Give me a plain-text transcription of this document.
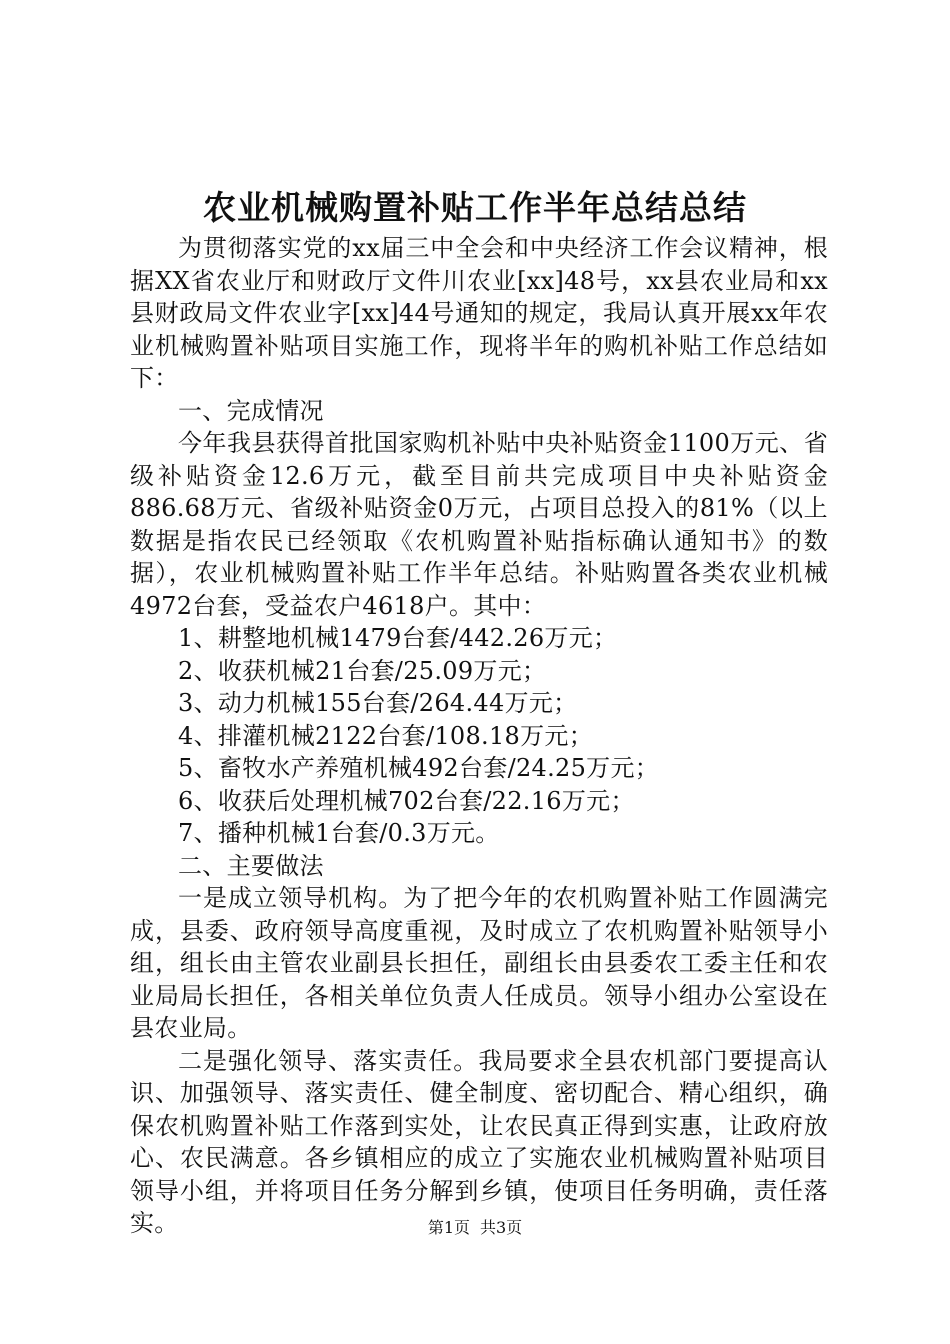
农业机械购置补贴工作半年总结总结

为贯彻落实党的xx届三中全会和中央经济工作会议精神，根据XX省农业厅和财政厅文件川农业[xx]48号，xx县农业局和xx县财政局文件农业字[xx]44号通知的规定，我局认真开展xx年农业机械购置补贴项目实施工作，现将半年的购机补贴工作总结如下：

一、完成情况

今年我县获得首批国家购机补贴中央补贴资金1100万元、省级补贴资金12.6万元，截至目前共完成项目中央补贴资金886.68万元、省级补贴资金0万元，占项目总投入的81%（以上数据是指农民已经领取《农机购置补贴指标确认通知书》的数据），农业机械购置补贴工作半年总结。补贴购置各类农业机械4972台套，受益农户4618户。其中：

1、耕整地机械1479台套/442.26万元；

2、收获机械21台套/25.09万元；

3、动力机械155台套/264.44万元；

4、排灌机械2122台套/108.18万元；

5、畜牧水产养殖机械492台套/24.25万元；

6、收获后处理机械702台套/22.16万元；

7、播种机械1台套/0.3万元。

二、主要做法

一是成立领导机构。为了把今年的农机购置补贴工作圆满完成，县委、政府领导高度重视，及时成立了农机购置补贴领导小组，组长由主管农业副县长担任，副组长由县委农工委主任和农业局局长担任，各相关单位负责人任成员。领导小组办公室设在县农业局。

二是强化领导、落实责任。我局要求全县农机部门要提高认识、加强领导、落实责任、健全制度、密切配合、精心组织，确保农机购置补贴工作落到实处，让农民真正得到实惠，让政府放心、农民满意。各乡镇相应的成立了实施农业机械购置补贴项目领导小组，并将项目任务分解到乡镇，使项目任务明确，责任落实。	第1页 共3页
